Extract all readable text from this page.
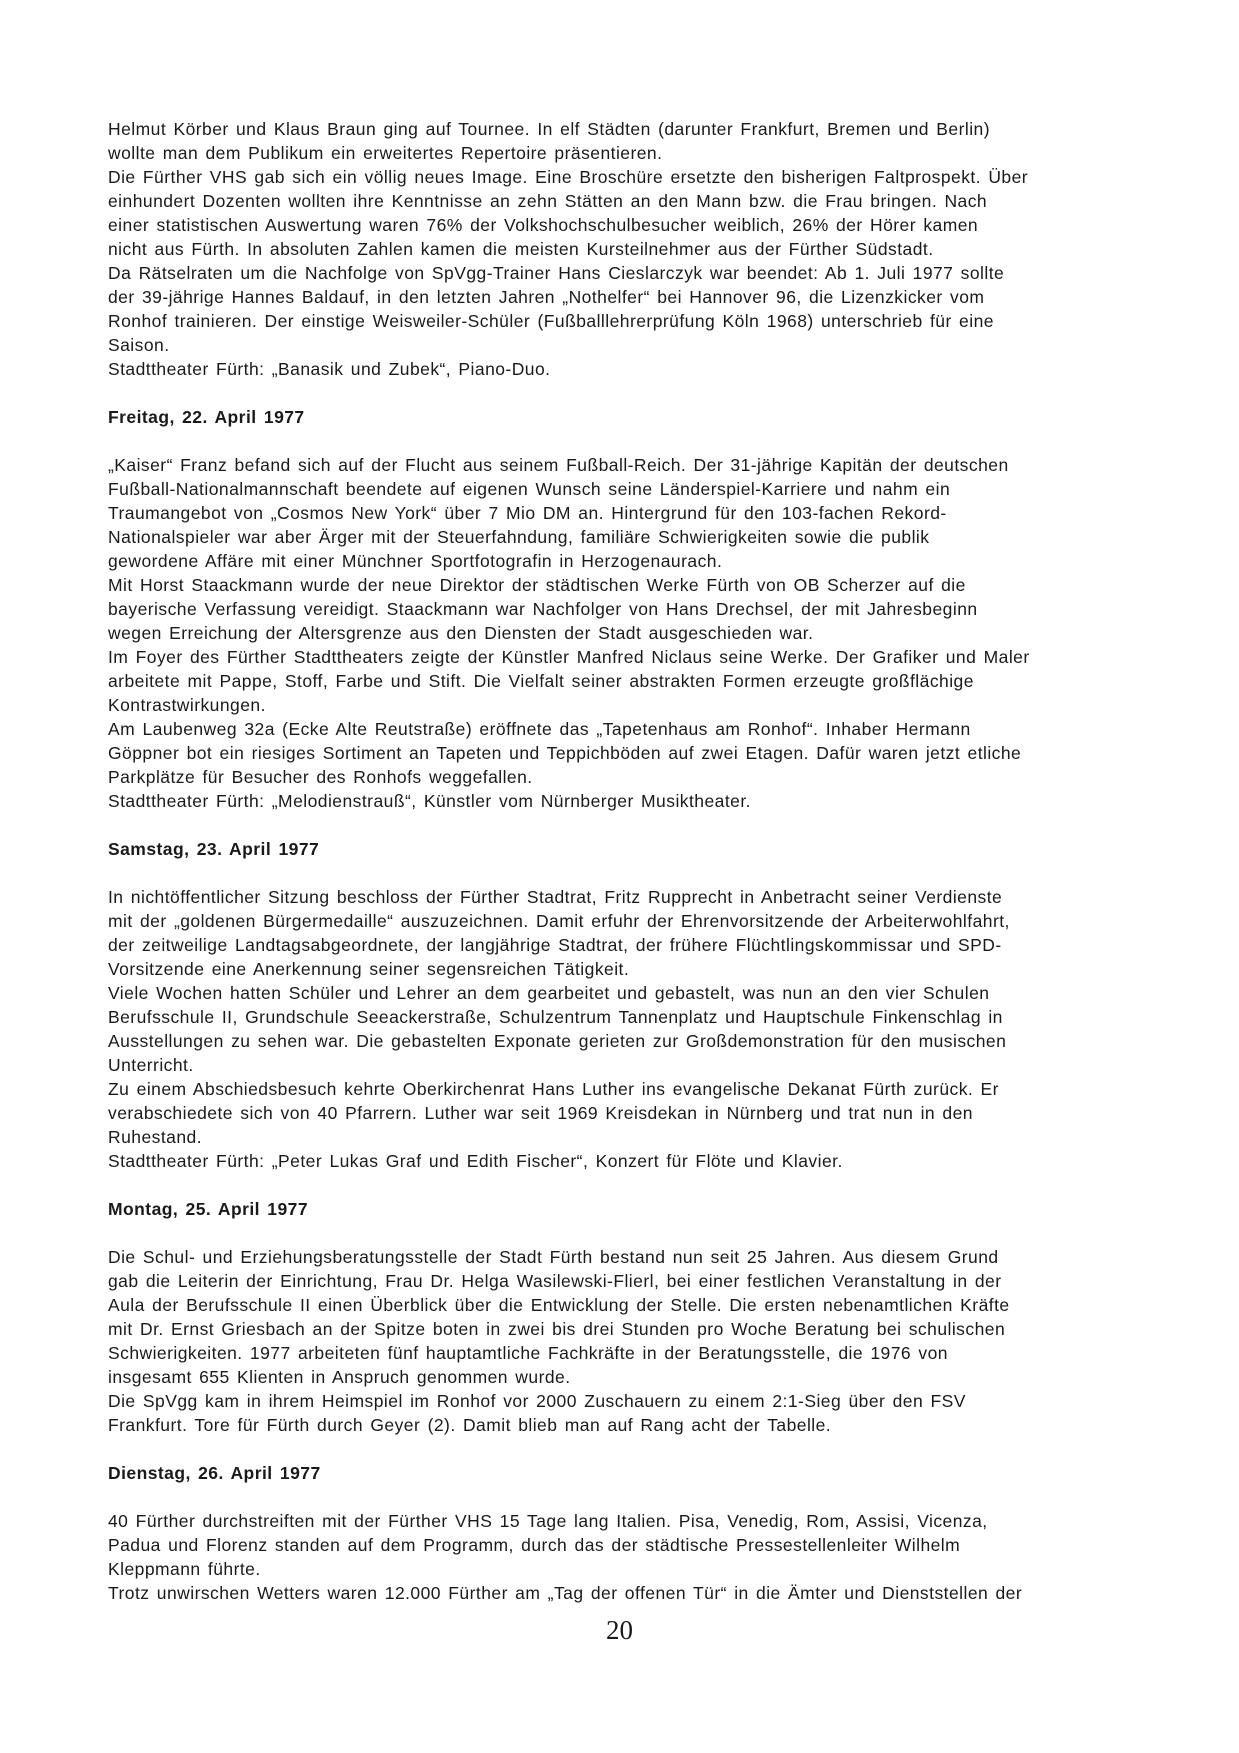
Helmut Körber und Klaus Braun ging auf Tournee. In elf Städten (darunter Frankfurt, Bremen und Berlin)
wollte man dem Publikum ein erweitertes Repertoire präsentieren.
Die Fürther VHS gab sich ein völlig neues Image. Eine Broschüre ersetzte den bisherigen Faltprospekt. Über
einhundert Dozenten wollten ihre Kenntnisse an zehn Stätten an den Mann bzw. die Frau bringen. Nach
einer statistischen Auswertung waren 76% der Volkshochschulbesucher weiblich, 26% der Hörer kamen
nicht aus Fürth. In absoluten Zahlen kamen die meisten Kursteilnehmer aus der Fürther Südstadt.
Da Rätselraten um die Nachfolge von SpVgg-Trainer Hans Cieslarczyk war beendet: Ab 1. Juli 1977 sollte
der 39-jährige Hannes Baldauf, in den letzten Jahren „Nothelfer“ bei Hannover 96, die Lizenzkicker vom
Ronhof trainieren. Der einstige Weisweiler-Schüler (Fußballlehrerprüfung Köln 1968) unterschrieb für eine
Saison.
Stadttheater Fürth: „Banasik und Zubek“, Piano-Duo.
Freitag, 22. April 1977
„Kaiser“ Franz befand sich auf der Flucht aus seinem Fußball-Reich. Der 31-jährige Kapitän der deutschen
Fußball-Nationalmannschaft beendete auf eigenen Wunsch seine Länderspiel-Karriere und nahm ein
Traumangebot von „Cosmos New York“ über 7 Mio DM an. Hintergrund für den 103-fachen Rekord-
Nationalspieler war aber Ärger mit der Steuerfahndung, familiäre Schwierigkeiten sowie die publik
gewordene Affäre mit einer Münchner Sportfotografin in Herzogenaurach.
Mit Horst Staackmann wurde der neue Direktor der städtischen Werke Fürth von OB Scherzer auf die
bayerische Verfassung vereidigt. Staackmann war Nachfolger von Hans Drechsel, der mit Jahresbeginn
wegen Erreichung der Altersgrenze aus den Diensten der Stadt ausgeschieden war.
Im Foyer des Fürther Stadttheaters zeigte der Künstler Manfred Niclaus seine Werke. Der Grafiker und Maler
arbeitete mit Pappe, Stoff, Farbe und Stift. Die Vielfalt seiner abstrakten Formen erzeugte großflächige
Kontrastwirkungen.
Am Laubenweg 32a (Ecke Alte Reutstraße) eröffnete das „Tapetenhaus am Ronhof“. Inhaber Hermann
Göppner bot ein riesiges Sortiment an Tapeten und Teppichböden auf zwei Etagen. Dafür waren jetzt etliche
Parkplätze für Besucher des Ronhofs weggefallen.
Stadttheater Fürth: „Melodienstrauß“, Künstler vom Nürnberger Musiktheater.
Samstag, 23. April 1977
In nichtöffentlicher Sitzung beschloss der Fürther Stadtrat, Fritz Rupprecht in Anbetracht seiner Verdienste
mit der „goldenen Bürgermedaille“ auszuzeichnen. Damit erfuhr der Ehrenvorsitzende der Arbeiterwohlfahrt,
der zeitweilige Landtagsabgeordnete, der langjährige Stadtrat, der frühere Flüchtlingskommissar und SPD-
Vorsitzende eine Anerkennung seiner segensreichen Tätigkeit.
Viele Wochen hatten Schüler und Lehrer an dem gearbeitet und gebastelt, was nun an den vier Schulen
Berufsschule II, Grundschule Seeackerstraße, Schulzentrum Tannenplatz und Hauptschule Finkenschlag in
Ausstellungen zu sehen war. Die gebastelten Exponate gerieten zur Großdemonstration für den musischen
Unterricht.
Zu einem Abschiedsbesuch kehrte Oberkirchenrat Hans Luther ins evangelische Dekanat Fürth zurück. Er
verabschiedete sich von 40 Pfarrern. Luther war seit 1969 Kreisdekan in Nürnberg und trat nun in den
Ruhestand.
Stadttheater Fürth: „Peter Lukas Graf und Edith Fischer“, Konzert für Flöte und Klavier.
Montag, 25. April 1977
Die Schul- und Erziehungsberatungsstelle der Stadt Fürth bestand nun seit 25 Jahren. Aus diesem Grund
gab die Leiterin der Einrichtung, Frau Dr. Helga Wasilewski-Flierl, bei einer festlichen Veranstaltung in der
Aula der Berufsschule II einen Überblick über die Entwicklung der Stelle. Die ersten nebenamtlichen Kräfte
mit Dr. Ernst Griesbach an der Spitze boten in zwei bis drei Stunden pro Woche Beratung bei schulischen
Schwierigkeiten. 1977 arbeiteten fünf hauptamtliche Fachkräfte in der Beratungsstelle, die 1976 von
insgesamt 655 Klienten in Anspruch genommen wurde.
Die SpVgg kam in ihrem Heimspiel im Ronhof vor 2000 Zuschauern zu einem 2:1-Sieg über den FSV
Frankfurt. Tore für Fürth durch Geyer (2). Damit blieb man auf Rang acht der Tabelle.
Dienstag, 26. April 1977
40 Fürther durchstreiften mit der Fürther VHS 15 Tage lang Italien. Pisa, Venedig, Rom, Assisi, Vicenza,
Padua und Florenz standen auf dem Programm, durch das der städtische Pressestellenleiter Wilhelm
Kleppmann führte.
Trotz unwirschen Wetters waren 12.000 Fürther am „Tag der offenen Tür“ in die Ämter und Dienststellen der
20
